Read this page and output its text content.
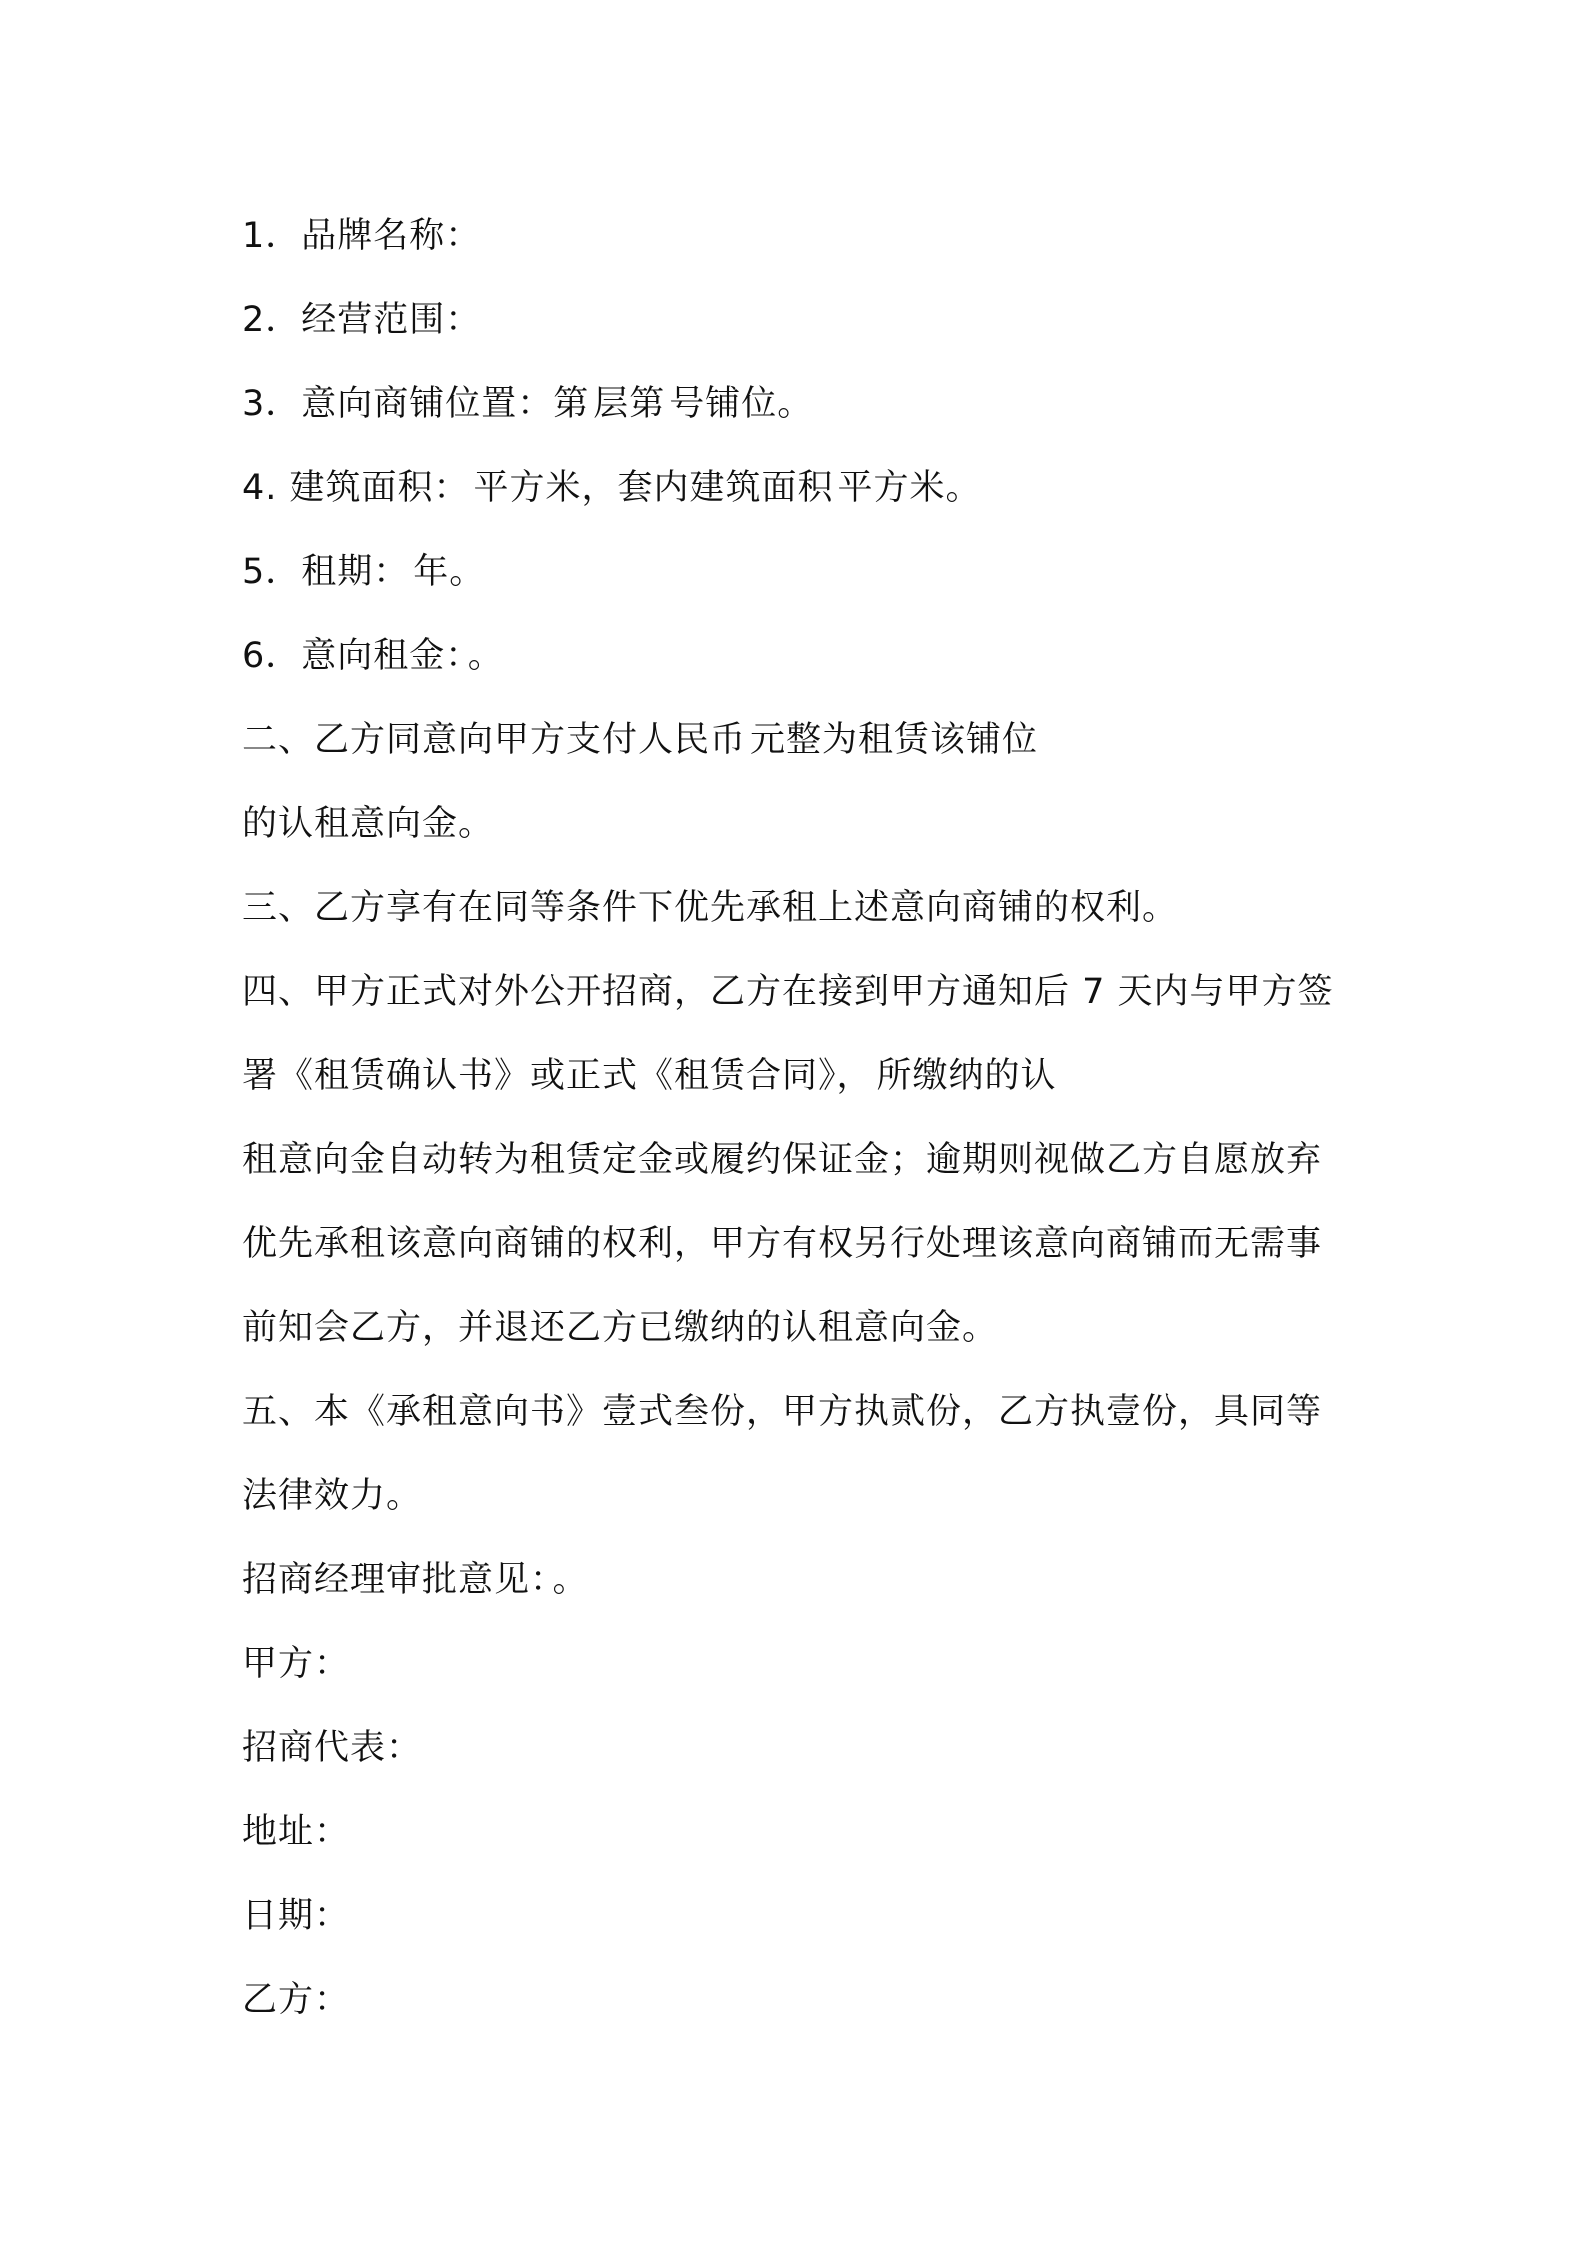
1．品牌名称：
2．经营范围：
3．意向商铺位置：第 层第 号铺位。
4. 建筑面积： 平方米，套内建筑面积 平方米。
5．租期： 年。
6．意向租金： 。
二、乙方同意向甲方支付人民币 元整为租赁该铺位
的认租意向金。
三、乙方享有在同等条件下优先承租上述意向商铺的权利。
四、甲方正式对外公开招商，乙方在接到甲方通知后 7 天内与甲方签
署《租赁确认书》或正式《租赁合同》， 所缴纳的认
租意向金自动转为租赁定金或履约保证金；逾期则视做乙方自愿放弃
优先承租该意向商铺的权利，甲方有权另行处理该意向商铺而无需事
前知会乙方，并退还乙方已缴纳的认租意向金。
五、本《承租意向书》壹式叁份，甲方执贰份，乙方执壹份，具同等
法律效力。
招商经理审批意见： 。
甲方：
招商代表：
地址：
日期：
乙方：
